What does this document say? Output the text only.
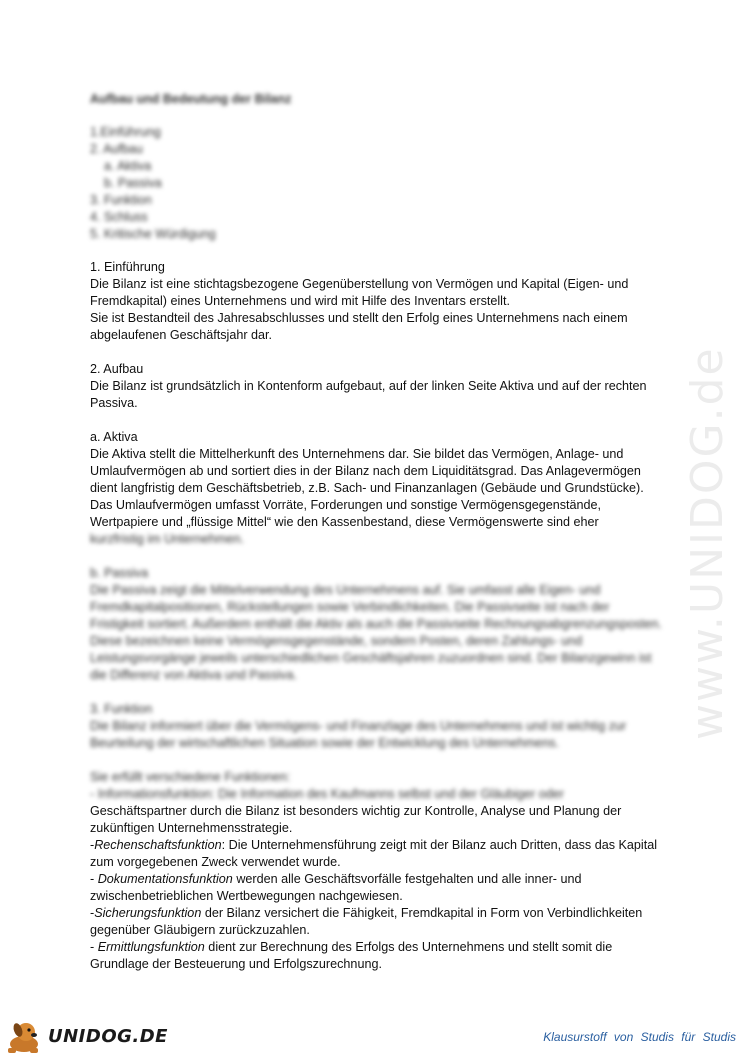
Aufbau und Bedeutung der Bilanz
1.Einführung
2. Aufbau
a. Aktiva
b. Passiva
3. Funktion
4. Schluss
5. Kritische Würdigung

1. Einführung

Die Bilanz ist eine stichtagsbezogene Gegenüberstellung von Vermögen und Kapital (Eigen- und Fremdkapital) eines Unternehmens und wird mit Hilfe des Inventars erstellt.

Sie ist Bestandteil des Jahresabschlusses und stellt den Erfolg eines Unternehmens nach einem abgelaufenen Geschäftsjahr dar.

2. Aufbau

Die Bilanz ist grundsätzlich in Kontenform aufgebaut, auf der linken Seite Aktiva und auf der rechten Passiva.

a. Aktiva

Die Aktiva stellt die Mittelherkunft des Unternehmens dar. Sie bildet das Vermögen, Anlage- und Umlaufvermögen ab und sortiert dies in der Bilanz nach dem Liquiditätsgrad. Das Anlagevermögen dient langfristig dem Geschäftsbetrieb, z.B. Sach- und Finanzanlagen (Gebäude und Grundstücke). Das Umlaufvermögen umfasst Vorräte, Forderungen und sonstige Vermögensgegenstände, Wertpapiere und „flüssige Mittel“ wie den Kassenbestand, diese Vermögenswerte sind eher

kurzfristig im Unternehmen.

b. Passiva

Die Passiva zeigt die Mittelverwendung des Unternehmens auf. Sie umfasst alle Eigen- und Fremdkapitalpositionen, Rückstellungen sowie Verbindlichkeiten. Die Passivseite ist nach der Fristigkeit sortiert. Außerdem enthält die Aktiv als auch die Passivseite Rechnungsabgrenzungsposten. Diese bezeichnen keine Vermögensgegenstände, sondern Posten, deren Zahlungs- und Leistungsvorgänge jeweils unterschiedlichen Geschäftsjahren zuzuordnen sind. Der Bilanzgewinn ist die Differenz von Aktiva und Passiva.

3. Funktion

Die Bilanz informiert über die Vermögens- und Finanzlage des Unternehmens und ist wichtig zur Beurteilung der wirtschaftlichen Situation sowie der Entwicklung des Unternehmens.

Sie erfüllt verschiedene Funktionen:

- Informationsfunktion: Die Information des Kaufmanns selbst und der Gläubiger oder

Geschäftspartner durch die Bilanz ist besonders wichtig zur Kontrolle, Analyse und Planung der zukünftigen Unternehmensstrategie.

-Rechenschaftsfunktion: Die Unternehmensführung zeigt mit der Bilanz auch Dritten, dass das Kapital zum vorgegebenen Zweck verwendet wurde.

- Dokumentationsfunktion werden alle Geschäftsvorfälle festgehalten und alle inner- und zwischenbetrieblichen Wertbewegungen nachgewiesen.

-Sicherungsfunktion der Bilanz versichert die Fähigkeit, Fremdkapital in Form von Verbindlichkeiten gegenüber Gläubigern zurückzuzahlen.

- Ermittlungsfunktion dient zur Berechnung des Erfolgs des Unternehmens und stellt somit die Grundlage der Besteuerung und Erfolgszurechnung.

www.UNIDOG.de
UNIDOG.DE	Klausurstoff von Studis für Studis
